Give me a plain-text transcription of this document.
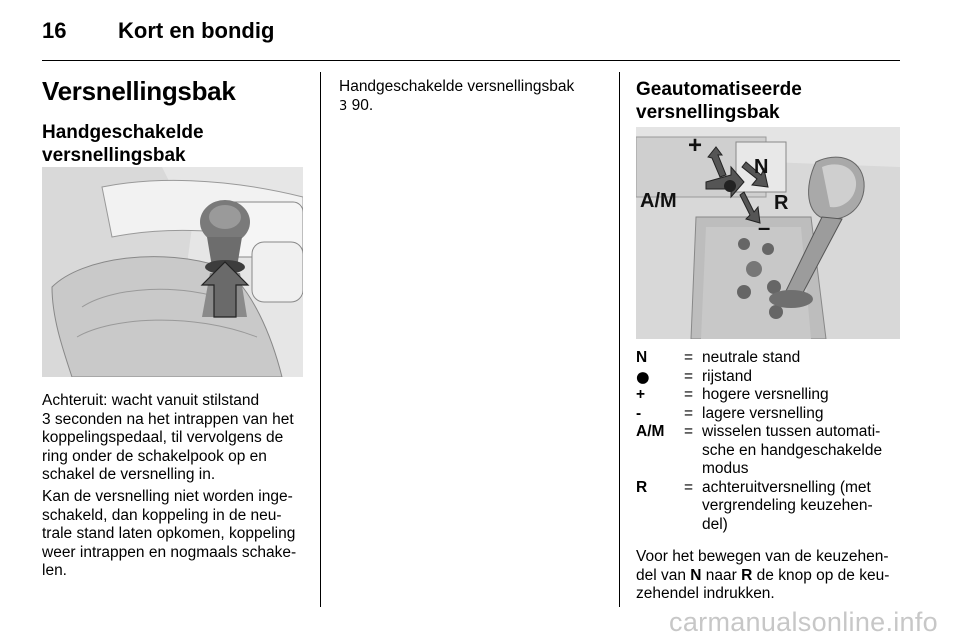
16 Kort en bondig
Versnellingsbak
Handgeschakelde
versnellingsbak
Achteruit: wacht vanuit stilstand
3 seconden na het intrappen van het
koppelingspedaal, til vervolgens de
ring onder de schakelpook op en
schakel de versnelling in.
Kan de versnelling niet worden inge-
schakeld, dan koppeling in de neu-
trale stand laten opkomen, koppeling
weer intrappen en nogmaals schake-
len.
Handgeschakelde versnellingsbak
3 90.
Geautomatiseerde
versnellingsbak
+
N
R
A/M
–
N	=	neutrale stand

●	=	rijstand

+	=	hogere versnelling

-	=	lagere versnelling

A/M	=	wisselen tussen automati-
sche en handgeschakelde
modus

R	=	achteruitversnelling (met
vergrendeling keuzehen-
del)
Voor het bewegen van de keuzehen-
del van N naar R de knop op de keu-
zehendel indrukken.
carmanualsonline.info
